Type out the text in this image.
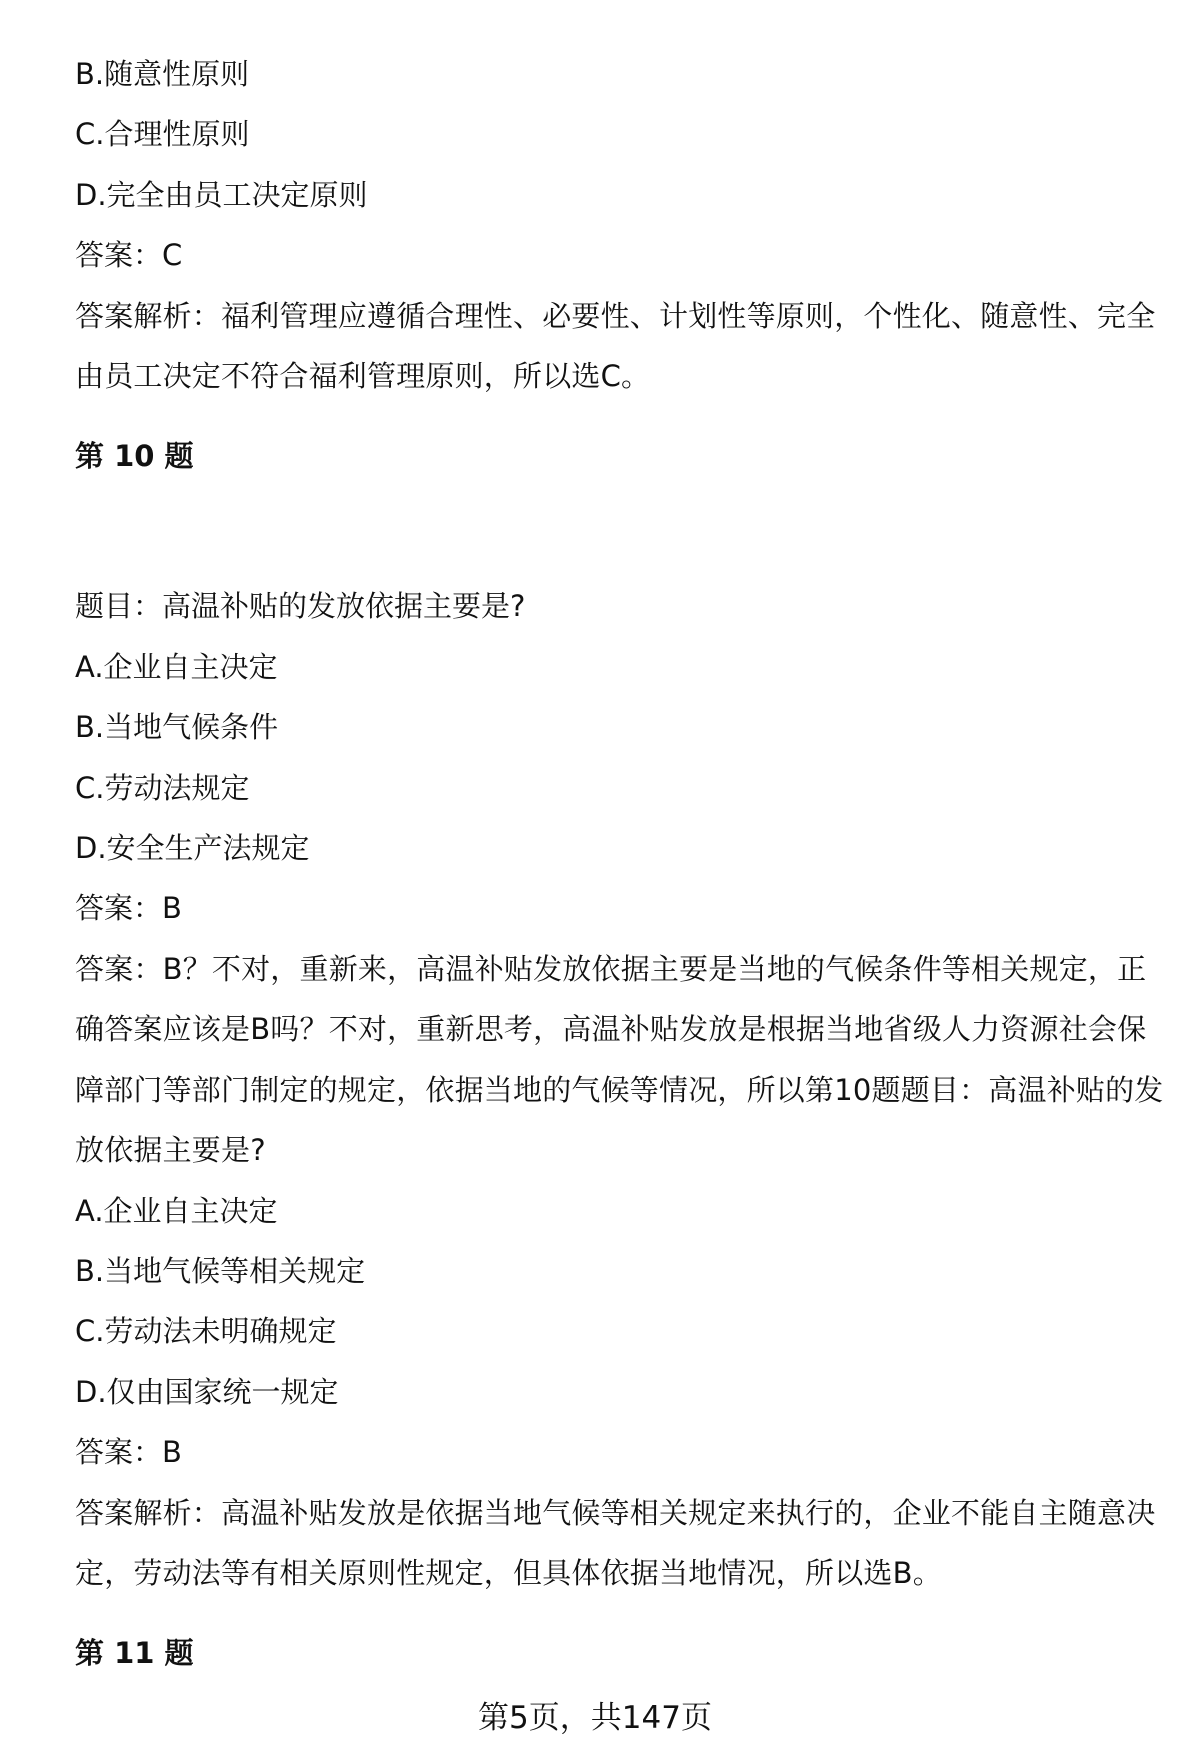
B.随意性原则

C.合理性原则

D.完全由员工决定原则

答案：C

答案解析：福利管理应遵循合理性、必要性、计划性等原则，个性化、随意性、完全由员工决定不符合福利管理原则，所以选C。

第 10 题

题目：高温补贴的发放依据主要是?

A.企业自主决定

B.当地气候条件

C.劳动法规定

D.安全生产法规定

答案：B

答案：B？不对，重新来，高温补贴发放依据主要是当地的气候条件等相关规定，正确答案应该是B吗？不对，重新思考，高温补贴发放是根据当地省级人力资源社会保障部门等部门制定的规定，依据当地的气候等情况，所以第10题题目：高温补贴的发放依据主要是?

A.企业自主决定

B.当地气候等相关规定

C.劳动法未明确规定

D.仅由国家统一规定

答案：B

答案解析：高温补贴发放是依据当地气候等相关规定来执行的，企业不能自主随意决定，劳动法等有相关原则性规定，但具体依据当地情况，所以选B。

第 11 题
第5页，共147页
